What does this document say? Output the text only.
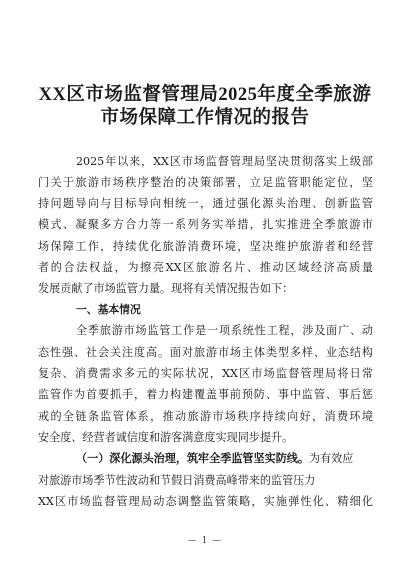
XX区市场监督管理局2025年度全季旅游
市场保障工作情况的报告
2025年以来，XX区市场监督管理局坚决贯彻落实上级部
门关于旅游市场秩序整治的决策部署，立足监管职能定位，坚
持问题导向与目标导向相统一，通过强化源头治理、创新监管
模式、凝聚多方合力等一系列务实举措，扎实推进全季旅游市
场保障工作，持续优化旅游消费环境，坚决维护旅游者和经营
者的合法权益，为擦亮XX区旅游名片、推动区域经济高质量
发展贡献了市场监管力量。现将有关情况报告如下：
一、基本情况
全季旅游市场监管工作是一项系统性工程，涉及面广、动
态性强、社会关注度高。面对旅游市场主体类型多样、业态结构
复杂、消费需求多元的实际状况，XX区市场监督管理局将日常
监管作为首要抓手，着力构建覆盖事前预防、事中监管、事后惩
戒的全链条监管体系，推动旅游市场秩序持续向好，消费环境
安全度、经营者诚信度和游客满意度实现同步提升。
（一）深化源头治理，筑牢全季监管坚实防线。为有效应
对旅游市场季节性波动和节假日消费高峰带来的监管压力
XX区市场监督管理局动态调整监管策略，实施弹性化、精细化
— 1 —
